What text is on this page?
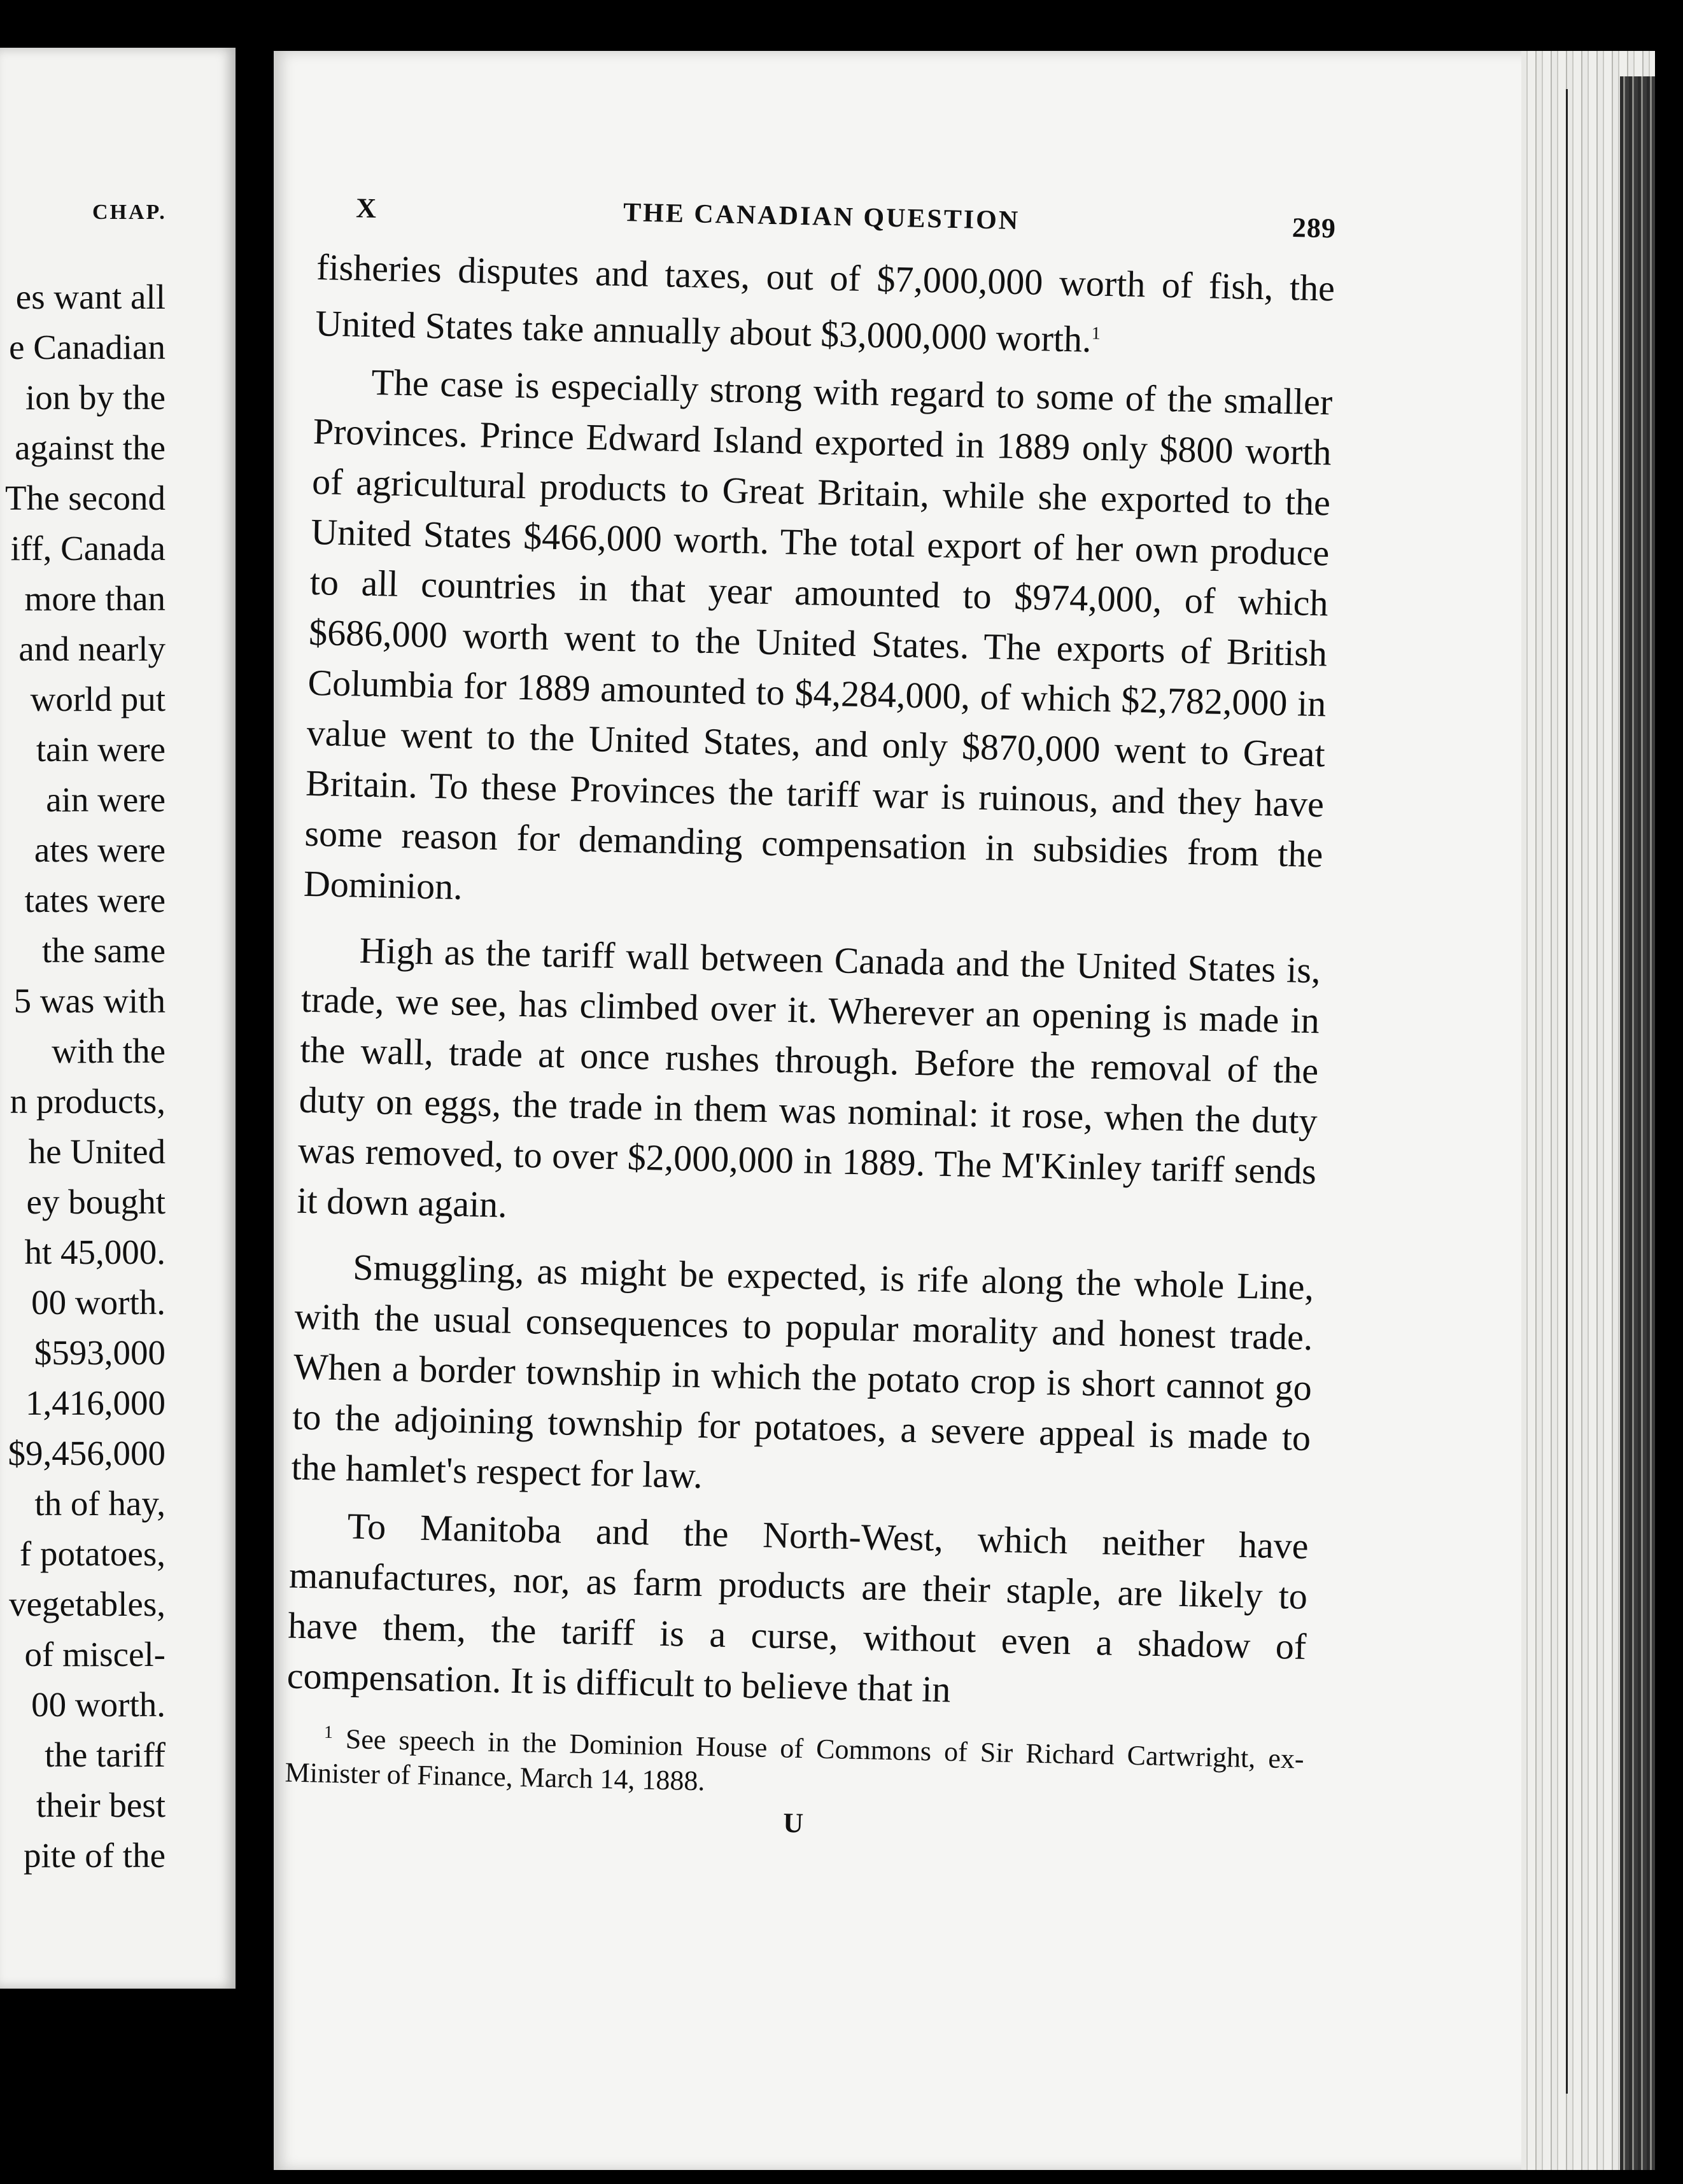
CHAP.
es want all
e Canadian
ion by the
against the
The second
iff, Canada
more than
and nearly
world put
tain were
ain were
ates were
tates were
the same
5 was with
with the
n products,
he United
ey bought
ht 45,000.
00 worth.
$593,000
1,416,000
$9,456,000
th of hay,
f potatoes,
vegetables,
of miscel-
00 worth.
the tariff
their best
pite of the
X	THE CANADIAN QUESTION	289

fisheries disputes and taxes, out of $7,000,000 worth of fish, the United States take annually about $3,000,000 worth.$^1$

The case is especially strong with regard to some of the smaller Provinces. Prince Edward Island exported in 1889 only $800 worth of agricultural products to Great Britain, while she exported to the United States $466,000 worth. The total export of her own produce to all countries in that year amounted to $974,000, of which $686,000 worth went to the United States. The exports of British Columbia for 1889 amounted to $4,284,000, of which $2,782,000 in value went to the United States, and only $870,000 went to Great Britain. To these Provinces the tariff war is ruinous, and they have some reason for demanding compensation in subsidies from the Dominion.

High as the tariff wall between Canada and the United States is, trade, we see, has climbed over it. Wherever an opening is made in the wall, trade at once rushes through. Before the removal of the duty on eggs, the trade in them was nominal: it rose, when the duty was removed, to over $2,000,000 in 1889. The M'Kinley tariff sends it down again.

Smuggling, as might be expected, is rife along the whole Line, with the usual consequences to popular morality and honest trade. When a border township in which the potato crop is short cannot go to the adjoining township for potatoes, a severe appeal is made to the hamlet's respect for law.

To Manitoba and the North-West, which neither have manufactures, nor, as farm products are their staple, are likely to have them, the tariff is a curse, without even a shadow of compensation. It is difficult to believe that in

$^1$ See speech in the Dominion House of Commons of Sir Richard Cartwright, ex-Minister of Finance, March 14, 1888.
U
